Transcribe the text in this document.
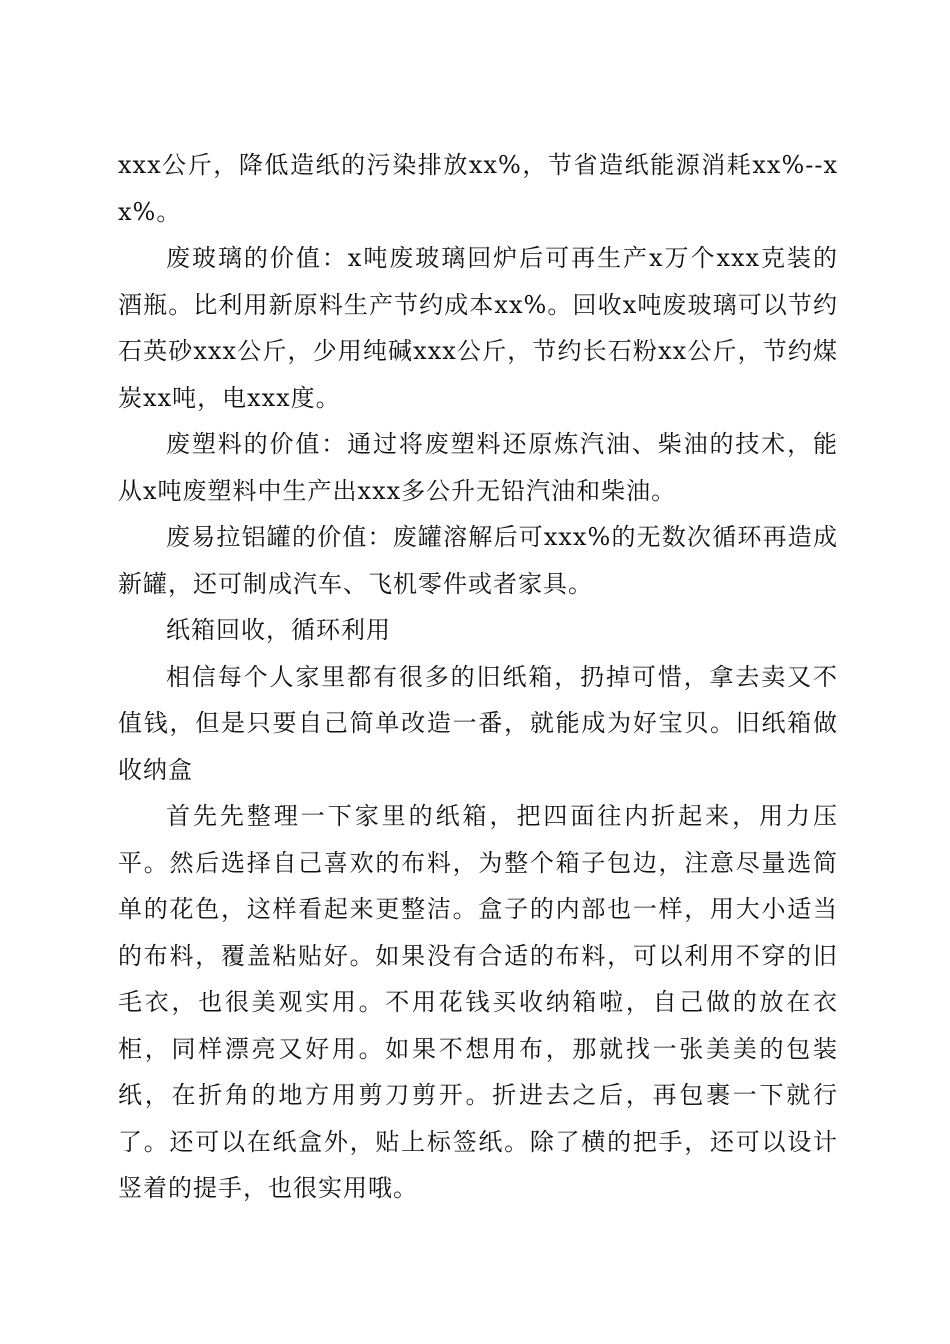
xxx公斤，降低造纸的污染排放xx%，节省造纸能源消耗xx%--xx%。

废玻璃的价值：x吨废玻璃回炉后可再生产x万个xxx克装的酒瓶。比利用新原料生产节约成本xx%。回收x吨废玻璃可以节约石英砂xxx公斤，少用纯碱xxx公斤，节约长石粉xx公斤，节约煤炭xx吨，电xxx度。

废塑料的价值：通过将废塑料还原炼汽油、柴油的技术，能从x吨废塑料中生产出xxx多公升无铅汽油和柴油。

废易拉铝罐的价值：废罐溶解后可xxx%的无数次循环再造成新罐，还可制成汽车、飞机零件或者家具。

纸箱回收，循环利用

相信每个人家里都有很多的旧纸箱，扔掉可惜，拿去卖又不值钱，但是只要自己简单改造一番，就能成为好宝贝。旧纸箱做收纳盒

首先先整理一下家里的纸箱，把四面往内折起来，用力压平。然后选择自己喜欢的布料，为整个箱子包边，注意尽量选简单的花色，这样看起来更整洁。盒子的内部也一样，用大小适当的布料，覆盖粘贴好。如果没有合适的布料，可以利用不穿的旧毛衣，也很美观实用。不用花钱买收纳箱啦，自己做的放在衣柜，同样漂亮又好用。如果不想用布，那就找一张美美的包装纸，在折角的地方用剪刀剪开。折进去之后，再包裹一下就行了。还可以在纸盒外，贴上标签纸。除了横的把手，还可以设计竖着的提手，也很实用哦。
